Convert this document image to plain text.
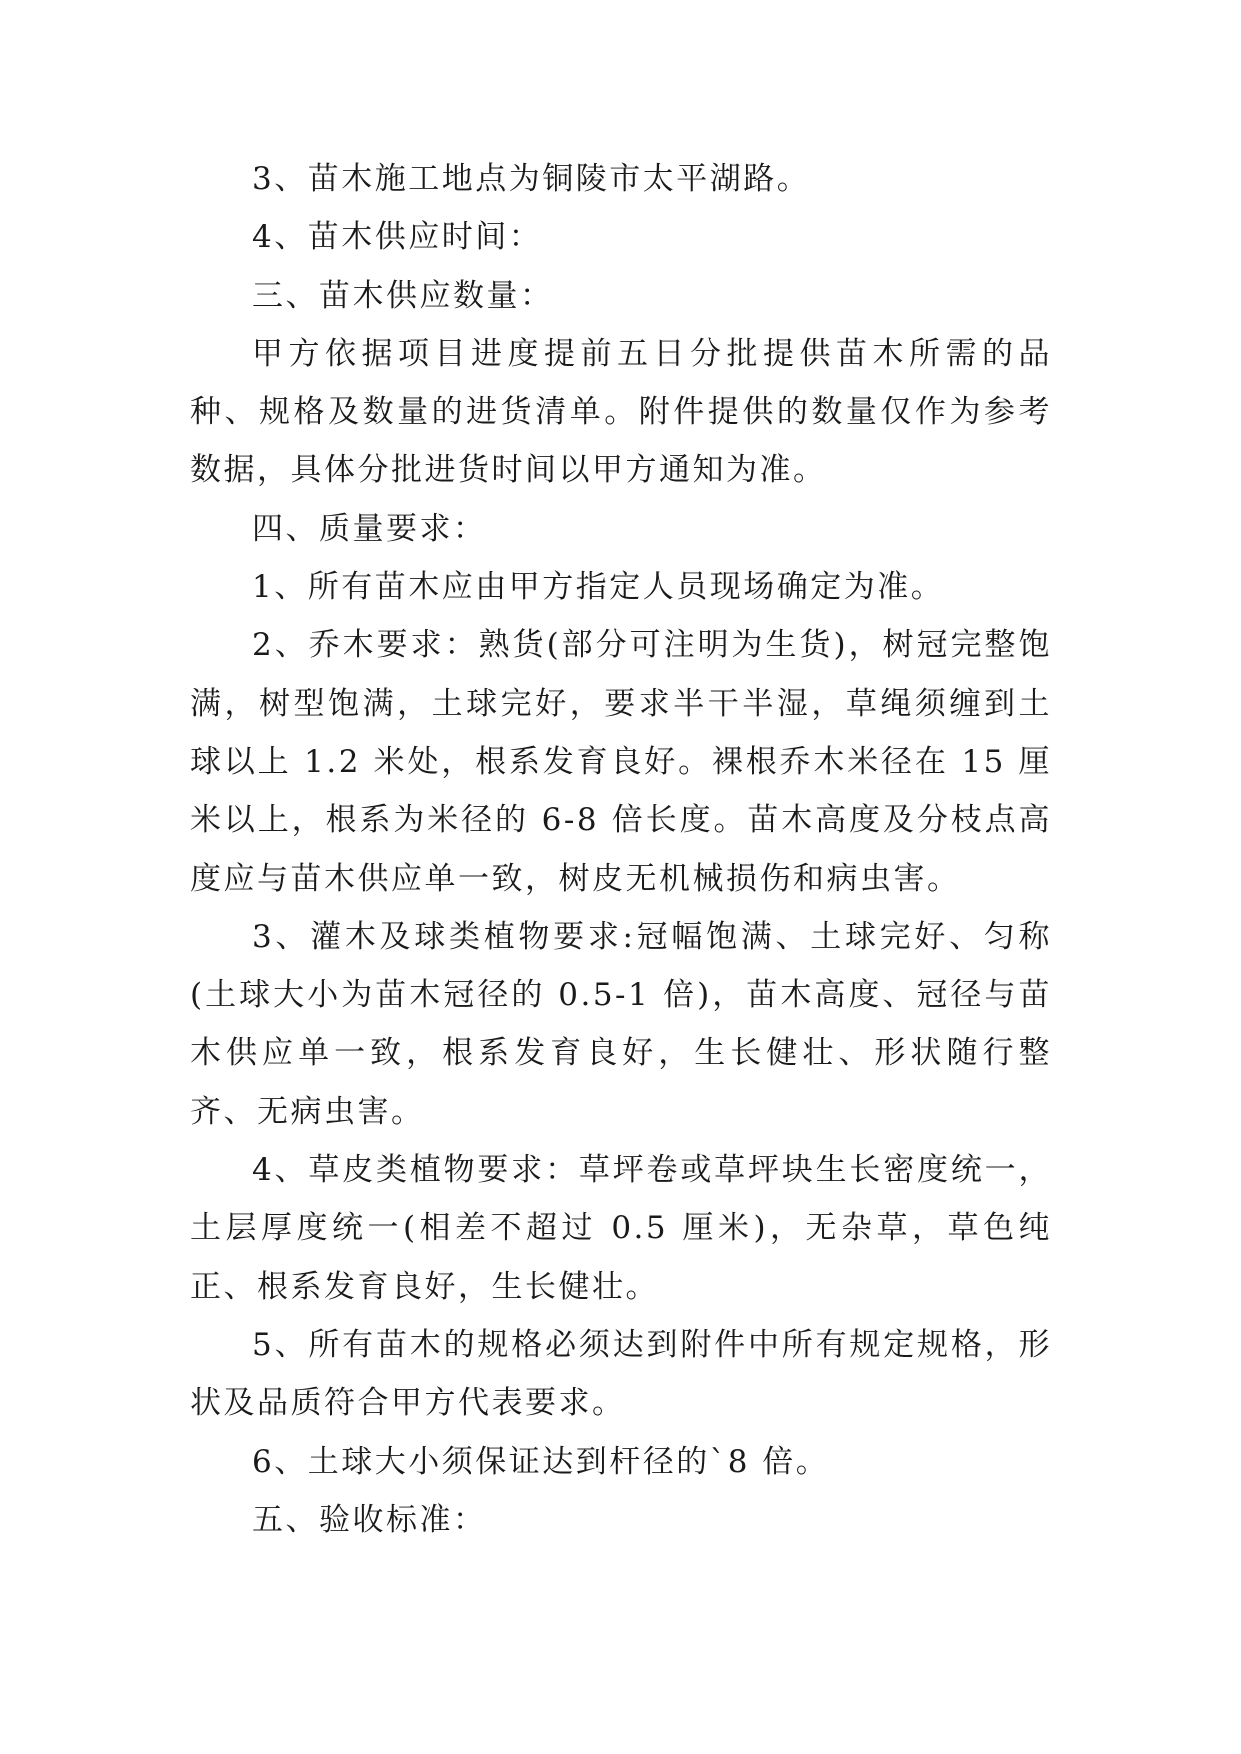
3、苗木施工地点为铜陵市太平湖路。

4、苗木供应时间：

三、苗木供应数量：

甲方依据项目进度提前五日分批提供苗木所需的品种、规格及数量的进货清单。附件提供的数量仅作为参考数据，具体分批进货时间以甲方通知为准。

四、质量要求：

1、所有苗木应由甲方指定人员现场确定为准。

2、乔木要求：熟货(部分可注明为生货)，树冠完整饱满，树型饱满，土球完好，要求半干半湿，草绳须缠到土球以上 1.2 米处，根系发育良好。裸根乔木米径在 15 厘米以上，根系为米径的 6-8 倍长度。苗木高度及分枝点高度应与苗木供应单一致，树皮无机械损伤和病虫害。

3、灌木及球类植物要求:冠幅饱满、土球完好、匀称(土球大小为苗木冠径的 0.5-1 倍)，苗木高度、冠径与苗木供应单一致，根系发育良好，生长健壮、形状随行整齐、无病虫害。

4、草皮类植物要求：草坪卷或草坪块生长密度统一，土层厚度统一(相差不超过 0.5 厘米)，无杂草，草色纯正、根系发育良好，生长健壮。

5、所有苗木的规格必须达到附件中所有规定规格，形状及品质符合甲方代表要求。

6、土球大小须保证达到杆径的`8 倍。

五、验收标准：
